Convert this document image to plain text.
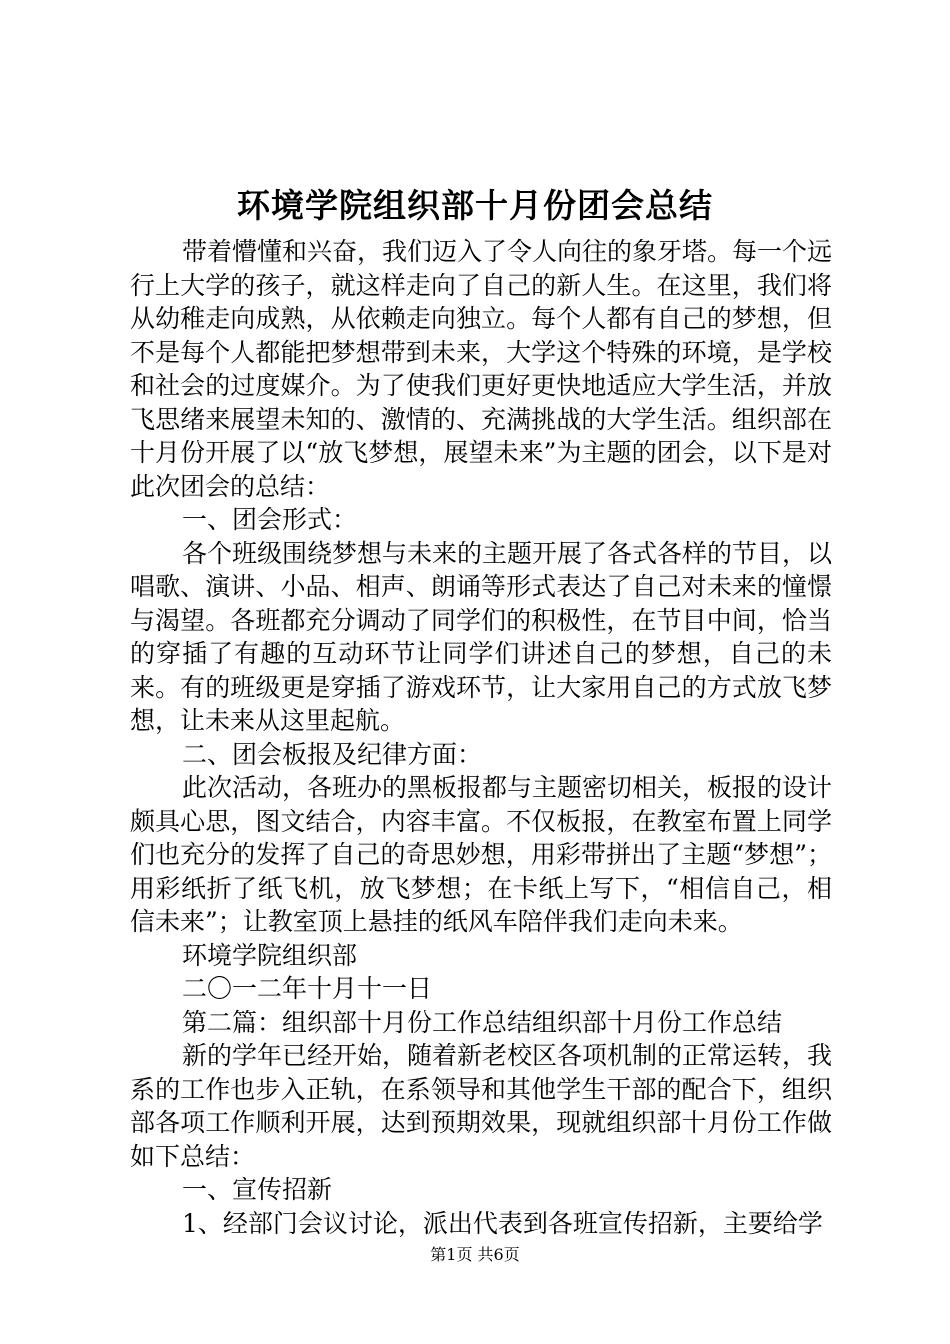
环境学院组织部十月份团会总结

带着懵懂和兴奋，我们迈入了令人向往的象牙塔。每一个远行上大学的孩子，就这样走向了自己的新人生。在这里，我们将从幼稚走向成熟，从依赖走向独立。每个人都有自己的梦想，但不是每个人都能把梦想带到未来，大学这个特殊的环境，是学校和社会的过度媒介。为了使我们更好更快地适应大学生活，并放飞思绪来展望未知的、激情的、充满挑战的大学生活。组织部在十月份开展了以“放飞梦想，展望未来”为主题的团会，以下是对此次团会的总结：

一、团会形式：

各个班级围绕梦想与未来的主题开展了各式各样的节目，以唱歌、演讲、小品、相声、朗诵等形式表达了自己对未来的憧憬与渴望。各班都充分调动了同学们的积极性，在节目中间，恰当的穿插了有趣的互动环节让同学们讲述自己的梦想，自己的未来。有的班级更是穿插了游戏环节，让大家用自己的方式放飞梦想，让未来从这里起航。

二、团会板报及纪律方面：

此次活动，各班办的黑板报都与主题密切相关，板报的设计颇具心思，图文结合，内容丰富。不仅板报，在教室布置上同学们也充分的发挥了自己的奇思妙想，用彩带拼出了主题“梦想”；用彩纸折了纸飞机，放飞梦想；在卡纸上写下，“相信自己，相信未来”；让教室顶上悬挂的纸风车陪伴我们走向未来。

环境学院组织部

二〇一二年十月十一日

第二篇：组织部十月份工作总结组织部十月份工作总结

新的学年已经开始，随着新老校区各项机制的正常运转，我系的工作也步入正轨，在系领导和其他学生干部的配合下，组织部各项工作顺利开展，达到预期效果，现就组织部十月份工作做如下总结：

一、宣传招新

1、经部门会议讨论，派出代表到各班宣传招新，主要给学

第1页 共6页
